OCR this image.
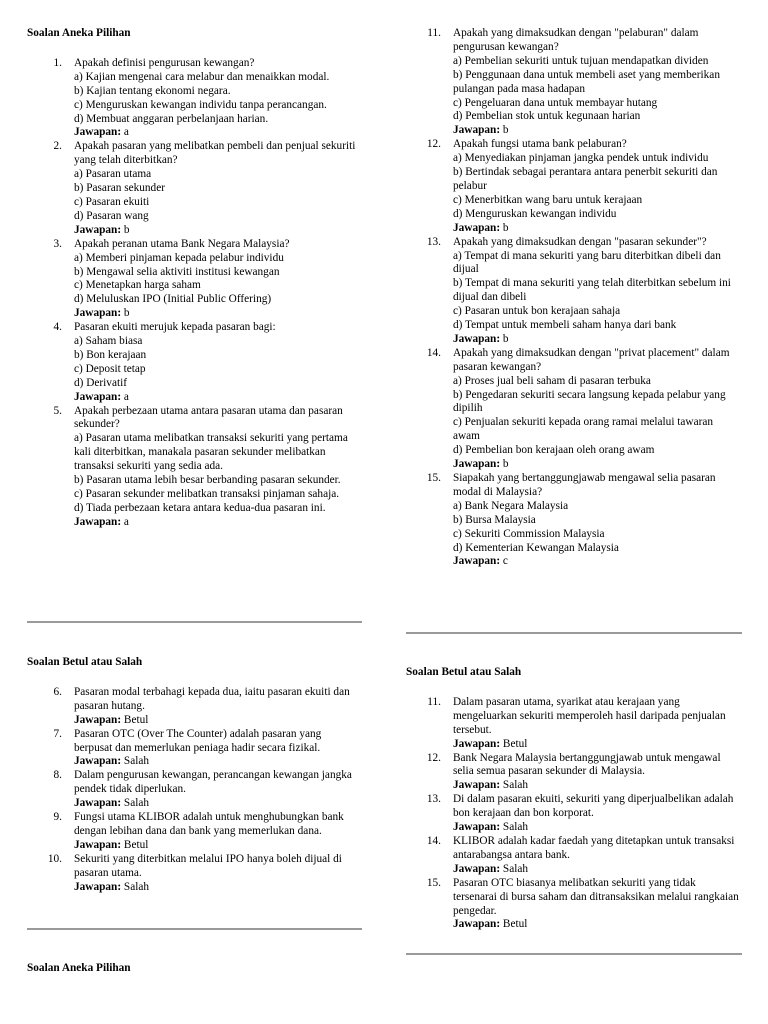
Soalan Aneka Pilihan

1. Apakah definisi pengurusan kewangan?
a) Kajian mengenai cara melabur dan menaikkan modal.
b) Kajian tentang ekonomi negara.
c) Menguruskan kewangan individu tanpa perancangan.
d) Membuat anggaran perbelanjaan harian.
Jawapan: a
2. Apakah pasaran yang melibatkan pembeli dan penjual sekuriti yang telah diterbitkan?
a) Pasaran utama
b) Pasaran sekunder
c) Pasaran ekuiti
d) Pasaran wang
Jawapan: b
3. Apakah peranan utama Bank Negara Malaysia?
a) Memberi pinjaman kepada pelabur individu
b) Mengawal selia aktiviti institusi kewangan
c) Menetapkan harga saham
d) Meluluskan IPO (Initial Public Offering)
Jawapan: b
4. Pasaran ekuiti merujuk kepada pasaran bagi:
a) Saham biasa
b) Bon kerajaan
c) Deposit tetap
d) Derivatif
Jawapan: a
5. Apakah perbezaan utama antara pasaran utama dan pasaran sekunder?
a) Pasaran utama melibatkan transaksi sekuriti yang pertama kali diterbitkan, manakala pasaran sekunder melibatkan transaksi sekuriti yang sedia ada.
b) Pasaran utama lebih besar berbanding pasaran sekunder.
c) Pasaran sekunder melibatkan transaksi pinjaman sahaja.
d) Tiada perbezaan ketara antara kedua-dua pasaran ini.
Jawapan: a

Soalan Betul atau Salah

6. Pasaran modal terbahagi kepada dua, iaitu pasaran ekuiti dan pasaran hutang.
Jawapan: Betul
7. Pasaran OTC (Over The Counter) adalah pasaran yang berpusat dan memerlukan peniaga hadir secara fizikal.
Jawapan: Salah
8. Dalam pengurusan kewangan, perancangan kewangan jangka pendek tidak diperlukan.
Jawapan: Salah
9. Fungsi utama KLIBOR adalah untuk menghubungkan bank dengan lebihan dana dan bank yang memerlukan dana.
Jawapan: Betul
10. Sekuriti yang diterbitkan melalui IPO hanya boleh dijual di pasaran utama.
Jawapan: Salah

Soalan Aneka Pilihan

11. Apakah yang dimaksudkan dengan "pelaburan" dalam pengurusan kewangan?
a) Pembelian sekuriti untuk tujuan mendapatkan dividen
b) Penggunaan dana untuk membeli aset yang memberikan pulangan pada masa hadapan
c) Pengeluaran dana untuk membayar hutang
d) Pembelian stok untuk kegunaan harian
Jawapan: b
12. Apakah fungsi utama bank pelaburan?
a) Menyediakan pinjaman jangka pendek untuk individu
b) Bertindak sebagai perantara antara penerbit sekuriti dan pelabur
c) Menerbitkan wang baru untuk kerajaan
d) Menguruskan kewangan individu
Jawapan: b
13. Apakah yang dimaksudkan dengan "pasaran sekunder"?
a) Tempat di mana sekuriti yang baru diterbitkan dibeli dan dijual
b) Tempat di mana sekuriti yang telah diterbitkan sebelum ini dijual dan dibeli
c) Pasaran untuk bon kerajaan sahaja
d) Tempat untuk membeli saham hanya dari bank
Jawapan: b
14. Apakah yang dimaksudkan dengan "privat placement" dalam pasaran kewangan?
a) Proses jual beli saham di pasaran terbuka
b) Pengedaran sekuriti secara langsung kepada pelabur yang dipilih
c) Penjualan sekuriti kepada orang ramai melalui tawaran awam
d) Pembelian bon kerajaan oleh orang awam
Jawapan: b
15. Siapakah yang bertanggungjawab mengawal selia pasaran modal di Malaysia?
a) Bank Negara Malaysia
b) Bursa Malaysia
c) Sekuriti Commission Malaysia
d) Kementerian Kewangan Malaysia
Jawapan: c

Soalan Betul atau Salah

11. Dalam pasaran utama, syarikat atau kerajaan yang mengeluarkan sekuriti memperoleh hasil daripada penjualan tersebut.
Jawapan: Betul
12. Bank Negara Malaysia bertanggungjawab untuk mengawal selia semua pasaran sekunder di Malaysia.
Jawapan: Salah
13. Di dalam pasaran ekuiti, sekuriti yang diperjualbelikan adalah bon kerajaan dan bon korporat.
Jawapan: Salah
14. KLIBOR adalah kadar faedah yang ditetapkan untuk transaksi antarabangsa antara bank.
Jawapan: Salah
15. Pasaran OTC biasanya melibatkan sekuriti yang tidak tersenarai di bursa saham dan ditransaksikan melalui rangkaian pengedar.
Jawapan: Betul
